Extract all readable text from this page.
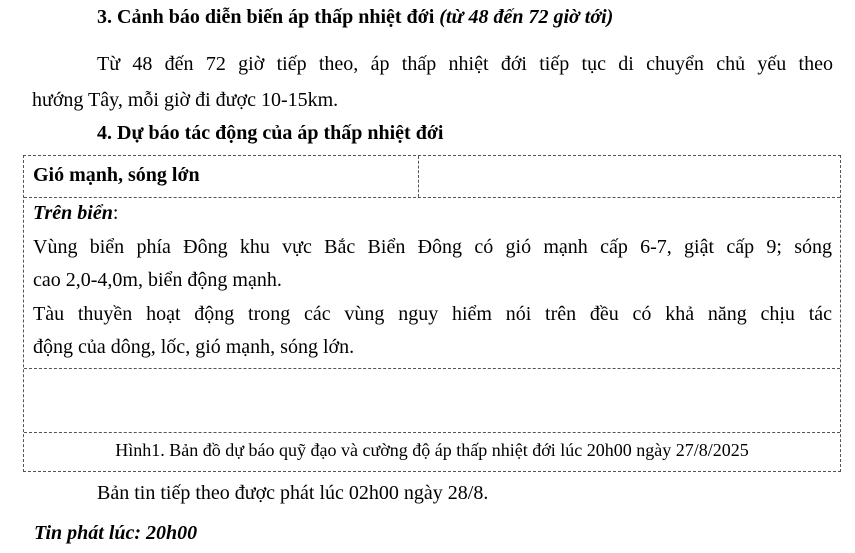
3. Cảnh báo diễn biến áp thấp nhiệt đới (từ 48 đến 72 giờ tới)
Từ 48 đến 72 giờ tiếp theo, áp thấp nhiệt đới tiếp tục di chuyển chủ yếu theo
hướng Tây, mỗi giờ đi được 10-15km.
4. Dự báo tác động của áp thấp nhiệt đới
Gió mạnh, sóng lớn
Trên biển:
Vùng biển phía Đông khu vực Bắc Biển Đông có gió mạnh cấp 6-7, giật cấp 9; sóng
cao 2,0-4,0m, biển động mạnh.
Tàu thuyền hoạt động trong các vùng nguy hiểm nói trên đều có khả năng chịu tác
động của dông, lốc, gió mạnh, sóng lớn.
Hình1. Bản đồ dự báo quỹ đạo và cường độ áp thấp nhiệt đới lúc 20h00 ngày 27/8/2025
Bản tin tiếp theo được phát lúc 02h00 ngày 28/8.
Tin phát lúc: 20h00
